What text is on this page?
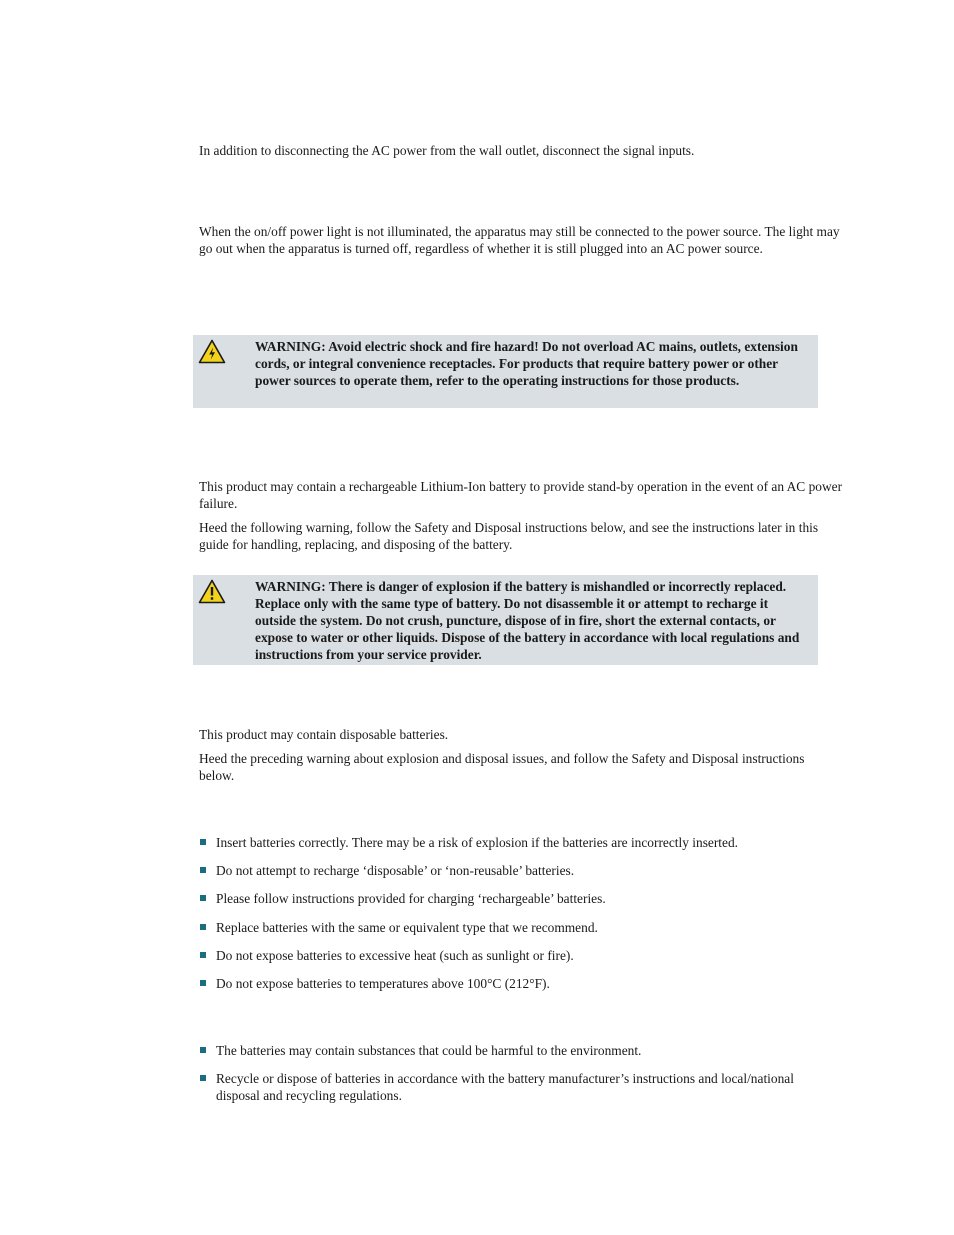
In addition to disconnecting the AC power from the wall outlet, disconnect the signal inputs.

When the on/off power light is not illuminated, the apparatus may still be connected to the power source. The light may go out when the apparatus is turned off, regardless of whether it is still plugged into an AC power source.

WARNING: Avoid electric shock and fire hazard! Do not overload AC mains, outlets, extension cords, or integral convenience receptacles. For products that require battery power or other power sources to operate them, refer to the operating instructions for those products.

This product may contain a rechargeable Lithium-Ion battery to provide stand-by operation in the event of an AC power failure.

Heed the following warning, follow the Safety and Disposal instructions below, and see the instructions later in this guide for handling, replacing, and disposing of the battery.

WARNING: There is danger of explosion if the battery is mishandled or incorrectly replaced. Replace only with the same type of battery. Do not disassemble it or attempt to recharge it outside the system. Do not crush, puncture, dispose of in fire, short the external contacts, or expose to water or other liquids. Dispose of the battery in accordance with local regulations and instructions from your service provider.

This product may contain disposable batteries.

Heed the preceding warning about explosion and disposal issues, and follow the Safety and Disposal instructions below.

Insert batteries correctly. There may be a risk of explosion if the batteries are incorrectly inserted.
Do not attempt to recharge ‘disposable’ or ‘non-reusable’ batteries.
Please follow instructions provided for charging ‘rechargeable’ batteries.
Replace batteries with the same or equivalent type that we recommend.
Do not expose batteries to excessive heat (such as sunlight or fire).
Do not expose batteries to temperatures above 100°C (212°F).
The batteries may contain substances that could be harmful to the environment.
Recycle or dispose of batteries in accordance with the battery manufacturer’s instructions and local/national disposal and recycling regulations.
